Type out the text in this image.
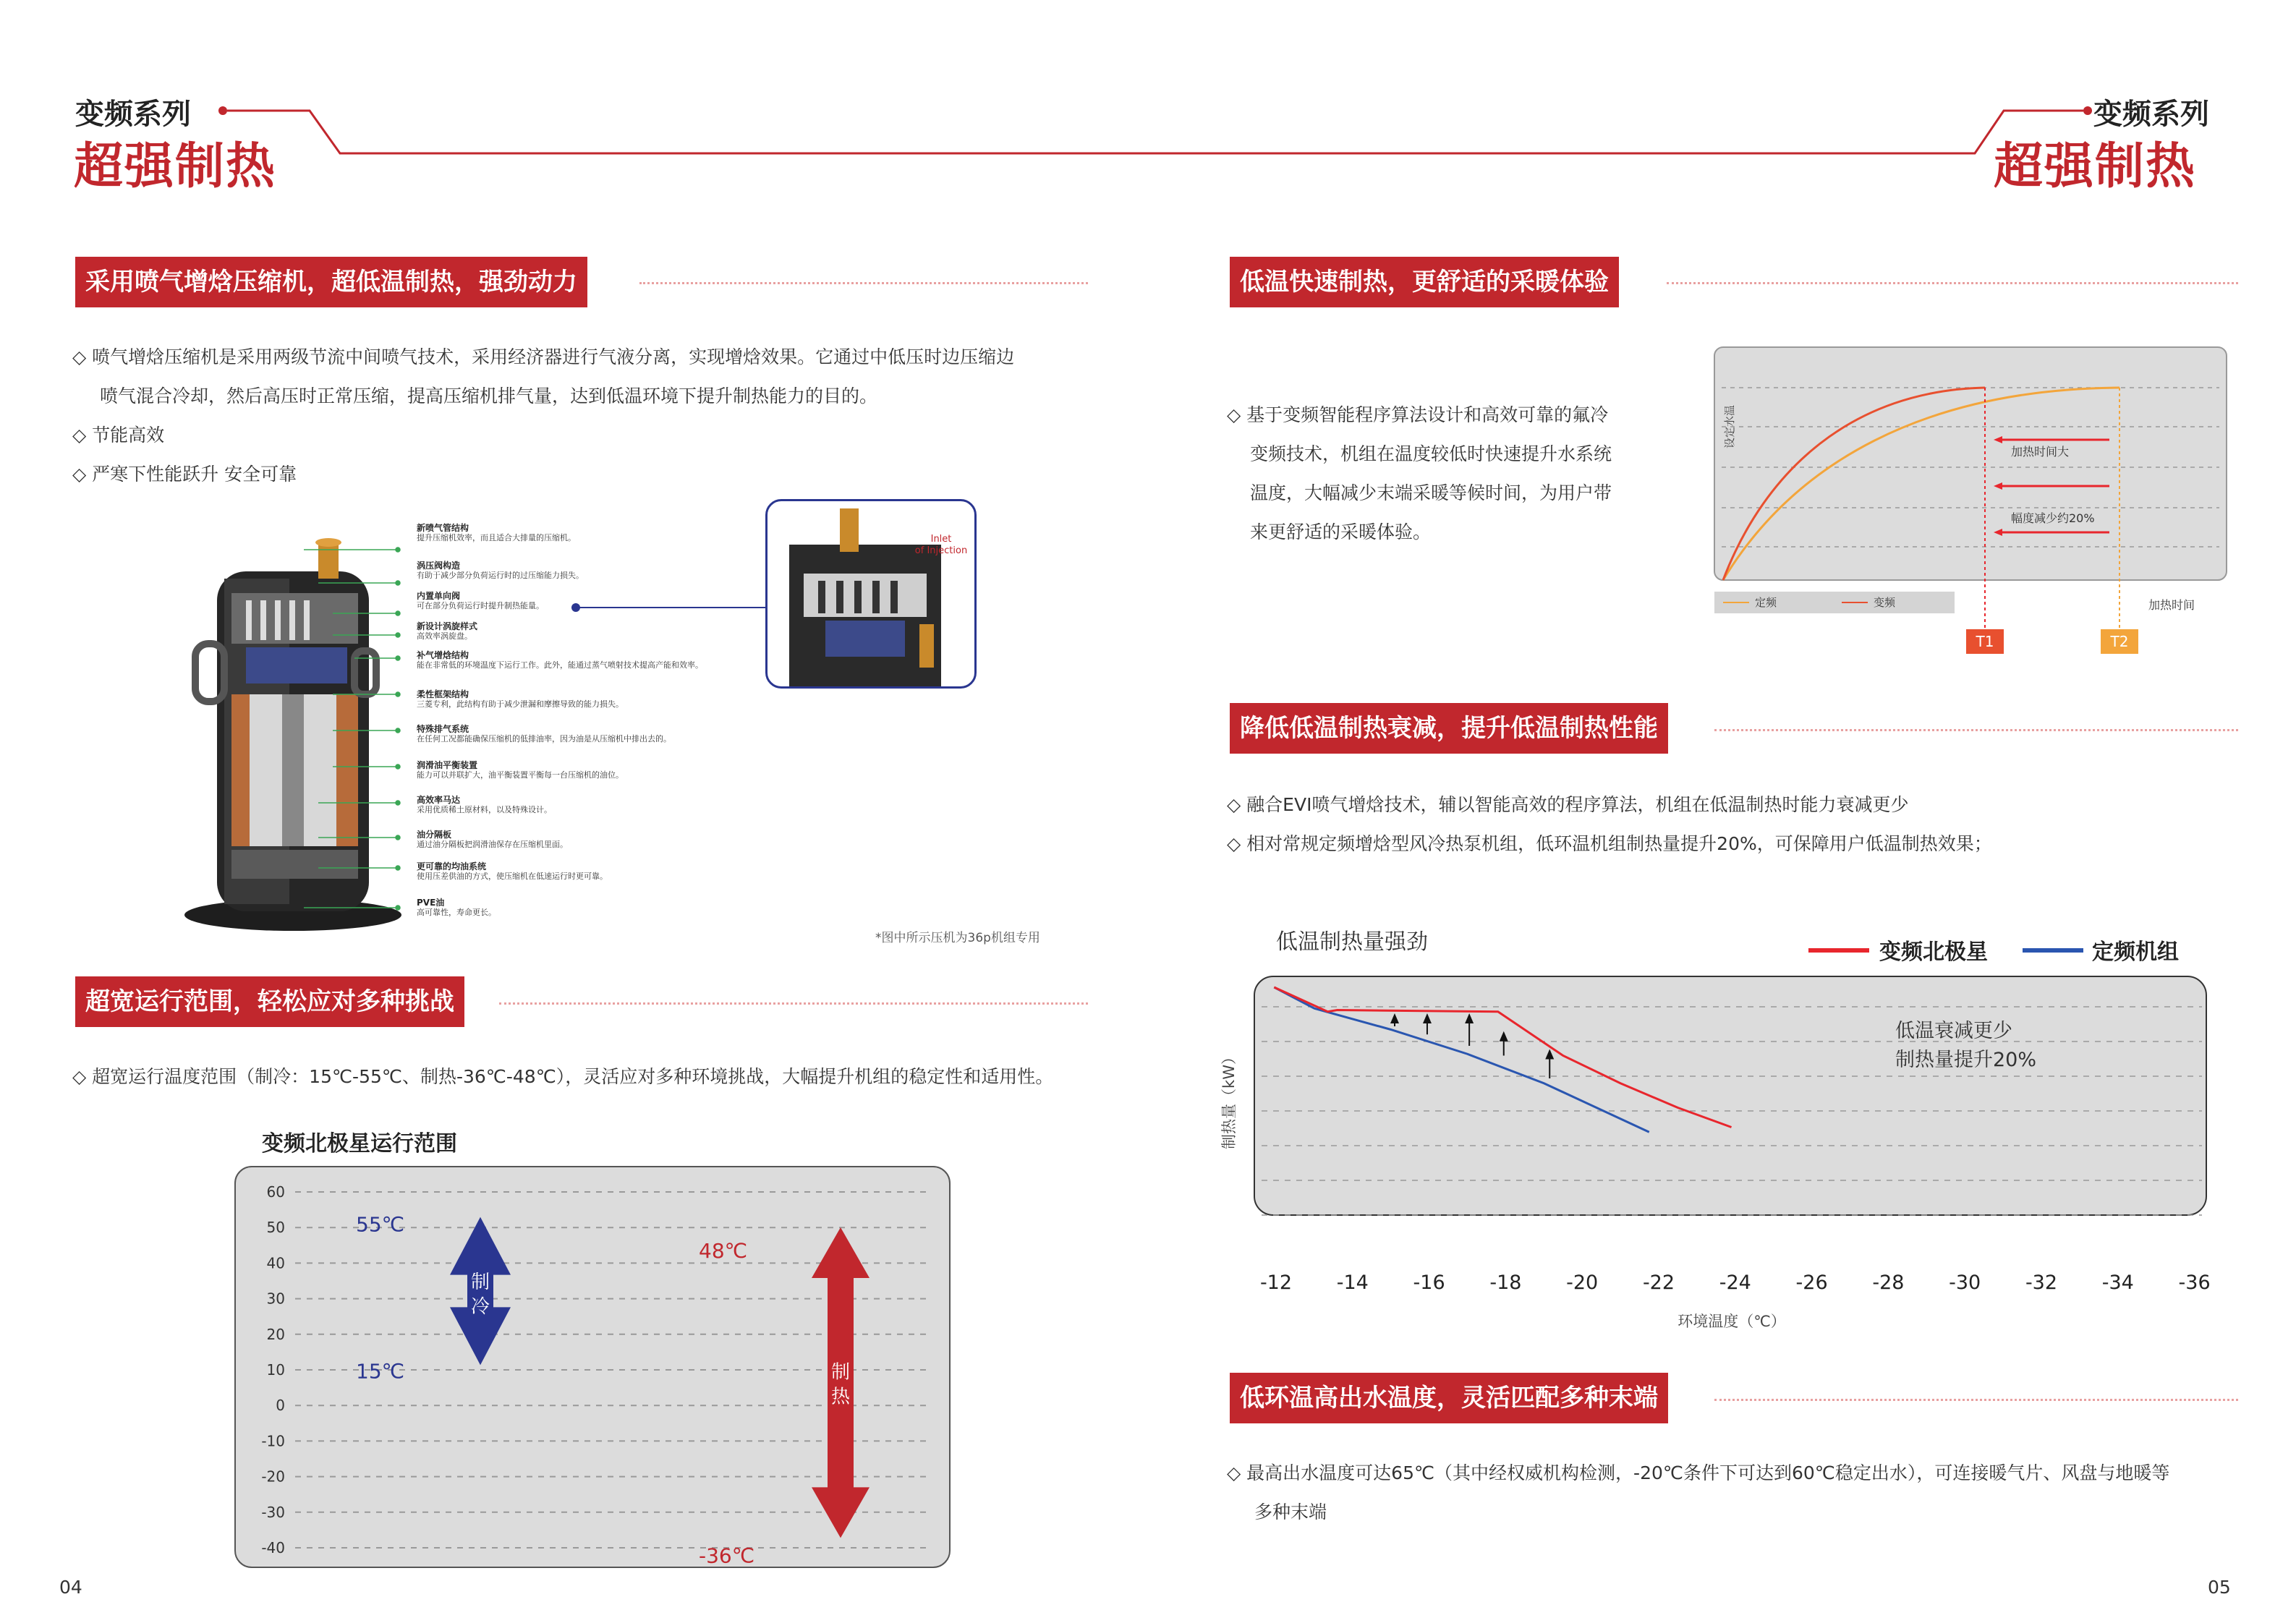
变频系列
超强制热
变频系列
超强制热
采用喷气增焓压缩机，超低温制热，强劲动力
◇ 喷气增焓压缩机是采用两级节流中间喷气技术，采用经济器进行气液分离，实现增焓效果。它通过中低压时边压缩边
喷气混合冷却，然后高压时正常压缩，提高压缩机排气量，达到低温环境下提升制热能力的目的。
◇ 节能高效
◇ 严寒下性能跃升 安全可靠
新喷气管结构
提升压缩机效率，而且适合大排量的压缩机。
涡压阀构造
有助于减少部分负荷运行时的过压缩能力损失。
内置单向阀
可在部分负荷运行时提升制热能量。
新设计涡旋样式
高效率涡旋盘。
补气增焓结构
能在非常低的环境温度下运行工作。此外，能通过蒸气喷射技术提高产能和效率。
柔性框架结构
三菱专利，此结构有助于减少泄漏和摩擦导致的能力损失。
特殊排气系统
在任何工况都能确保压缩机的低排油率，因为油是从压缩机中排出去的。
润滑油平衡装置
能力可以并联扩大，油平衡装置平衡每一台压缩机的油位。
高效率马达
采用优质稀土原材料，以及特殊设计。
油分隔板
通过油分隔板把润滑油保存在压缩机里面。
更可靠的均油系统
使用压差供油的方式，使压缩机在低速运行时更可靠。
PVE油
高可靠性，寿命更长。
Inlet
of Injection
*图中所示压机为36p机组专用
超宽运行范围，轻松应对多种挑战
◇ 超宽运行温度范围（制冷：15℃-55℃、制热-36℃-48℃），灵活应对多种环境挑战，大幅提升机组的稳定性和适用性。
变频北极星运行范围
60
50
40
30
20
10
0
-10
-20
-30
-40
制
冷
55℃
15℃	制
热
48℃
-36℃
04
低温快速制热，更舒适的采暖体验
◇ 基于变频智能程序算法设计和高效可靠的氟冷
变频技术，机组在温度较低时快速提升水系统
温度，大幅减少末端采暖等候时间，为用户带
来更舒适的采暖体验。
设定水温
加热时间大
幅度减少约20%
定频	变频	加热时间
T1	T2
降低低温制热衰减，提升低温制热性能
◇ 融合EVI喷气增焓技术，辅以智能高效的程序算法，机组在低温制热时能力衰减更少
◇ 相对常规定频增焓型风冷热泵机组，低环温机组制热量提升20%，可保障用户低温制热效果；
低温制热量强劲	变频北极星	定频机组
-12 -14 -16 -18 -20 -22 -24 -26 -28 -30 -32 -34 -36
环境温度（℃）
制热量（kW）
低温衰减更少
制热量提升20%
低环温高出水温度，灵活匹配多种末端
◇ 最高出水温度可达65℃（其中经权威机构检测，-20℃条件下可达到60℃稳定出水），可连接暖气片、风盘与地暖等
多种末端
05
